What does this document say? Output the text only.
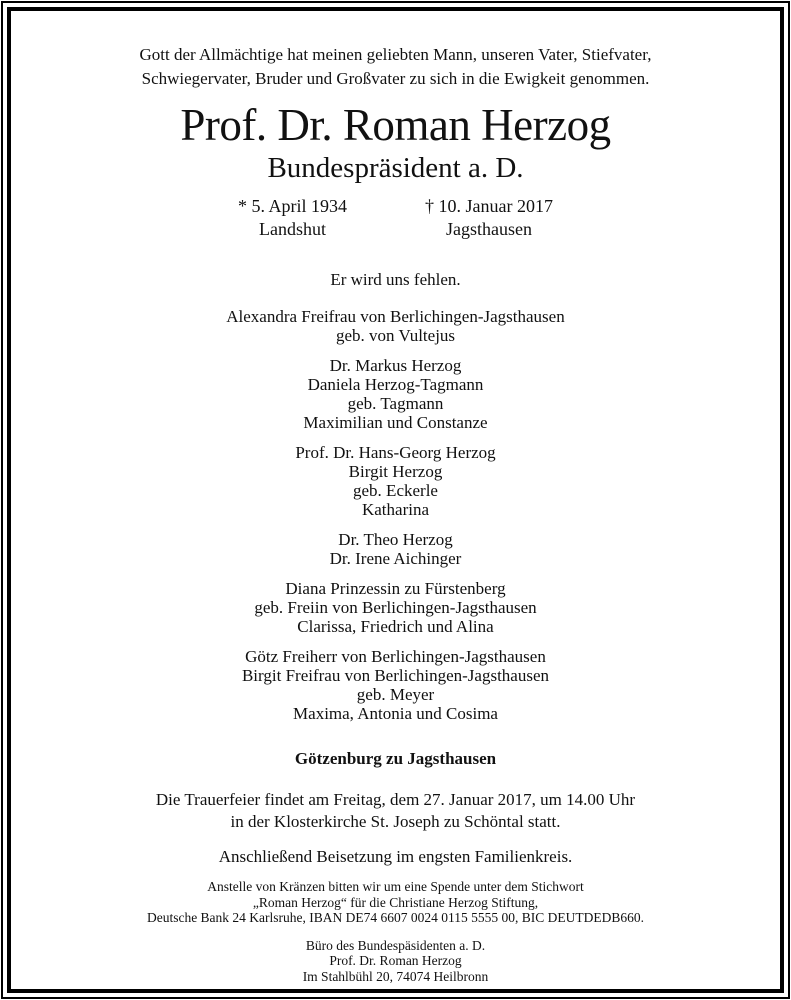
Gott der Allmächtige hat meinen geliebten Mann, unseren Vater, Stiefvater,
Schwiegervater, Bruder und Großvater zu sich in die Ewigkeit genommen.
Prof. Dr. Roman Herzog
Bundespräsident a. D.
* 5. April 1934
Landshut
† 10. Januar 2017
Jagsthausen
Er wird uns fehlen.
Alexandra Freifrau von Berlichingen-Jagsthausen
geb. von Vultejus
Dr. Markus Herzog
Daniela Herzog-Tagmann
geb. Tagmann
Maximilian und Constanze
Prof. Dr. Hans-Georg Herzog
Birgit Herzog
geb. Eckerle
Katharina
Dr. Theo Herzog
Dr. Irene Aichinger
Diana Prinzessin zu Fürstenberg
geb. Freiin von Berlichingen-Jagsthausen
Clarissa, Friedrich und Alina
Götz Freiherr von Berlichingen-Jagsthausen
Birgit Freifrau von Berlichingen-Jagsthausen
geb. Meyer
Maxima, Antonia und Cosima
Götzenburg zu Jagsthausen
Die Trauerfeier findet am Freitag, dem 27. Januar 2017, um 14.00 Uhr
in der Klosterkirche St. Joseph zu Schöntal statt.
Anschließend Beisetzung im engsten Familienkreis.
Anstelle von Kränzen bitten wir um eine Spende unter dem Stichwort
„Roman Herzog“ für die Christiane Herzog Stiftung,
Deutsche Bank 24 Karlsruhe, IBAN DE74 6607 0024 0115 5555 00, BIC DEUTDEDB660.
Büro des Bundespäsidenten a. D.
Prof. Dr. Roman Herzog
Im Stahlbühl 20, 74074 Heilbronn
